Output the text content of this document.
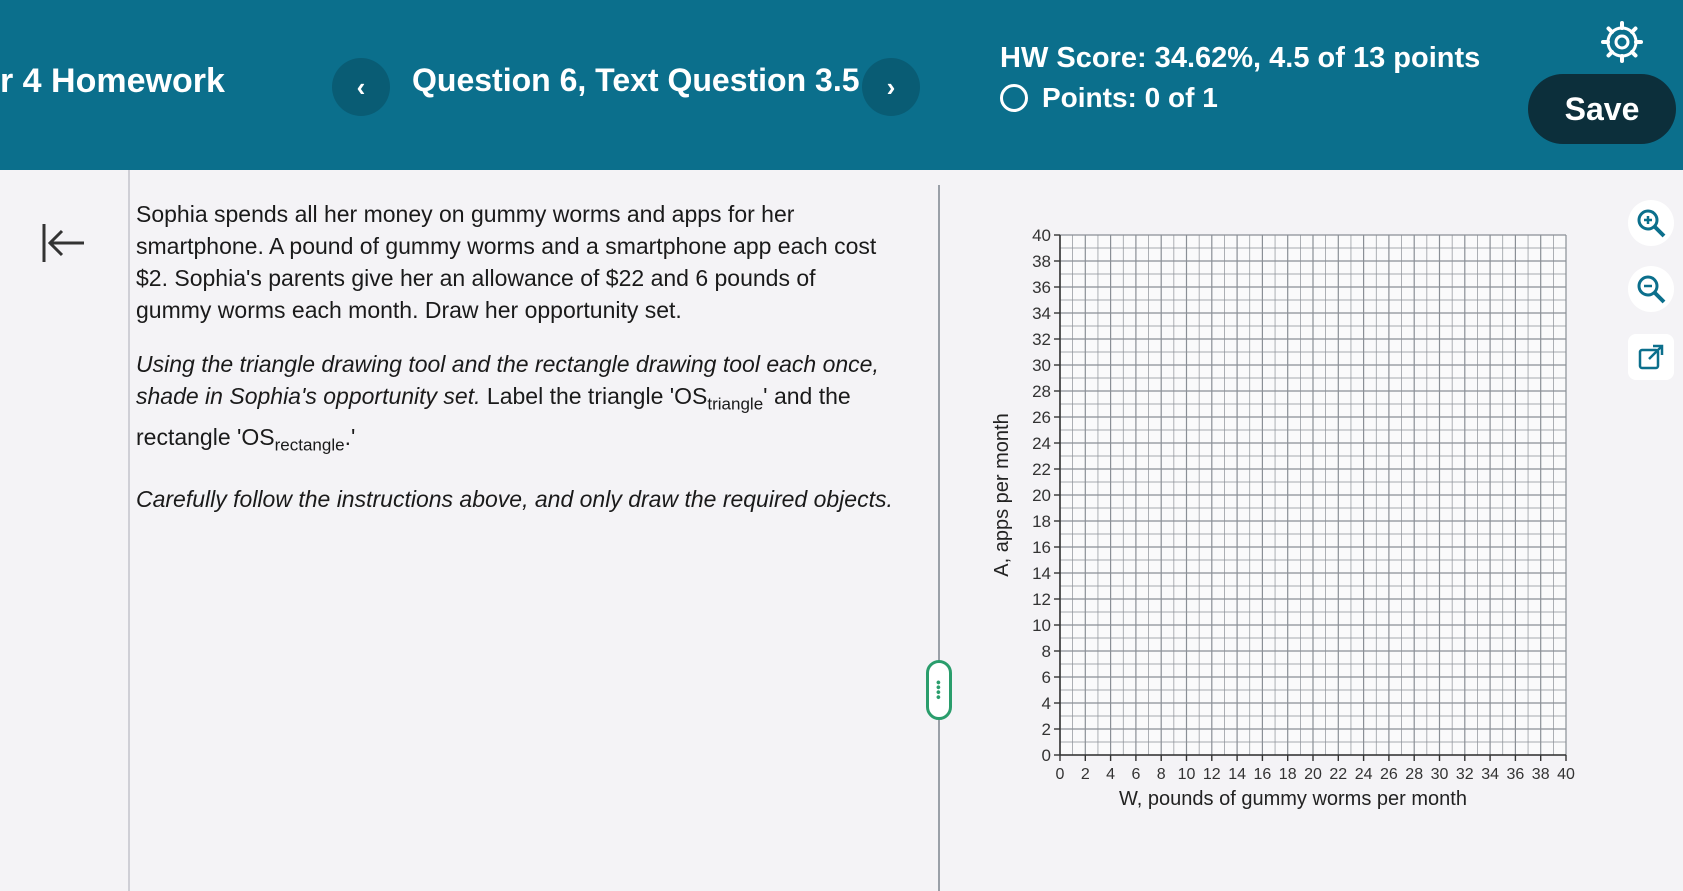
r 4 Homework	‹	Question 6, Text Question 3.5	›
HW Score: 34.62%, 4.5 of 13 points
Points: 0 of 1	Save

Sophia spends all her money on gummy worms and apps for her smartphone. A pound of gummy worms and a smartphone app each cost $2. Sophia's parents give her an allowance of $22 and 6 pounds of gummy worms each month. Draw her opportunity set.

Using the triangle drawing tool and the rectangle drawing tool each once, shade in Sophia's opportunity set. Label the triangle '$OS_{triangle}$' and the rectangle '$OS_{rectangle}$.'

Carefully follow the instructions above, and only draw the required objects.

••••
0
2
4
6
8
10
12
14
16
18
20
22
24
26
28
30
32
34
36
38
40
0 2 4 6 8 10 12 14 16 18 20 22 24 26 28 30 32 34 36 38 40
W, pounds of gummy worms per month
A, apps per month
